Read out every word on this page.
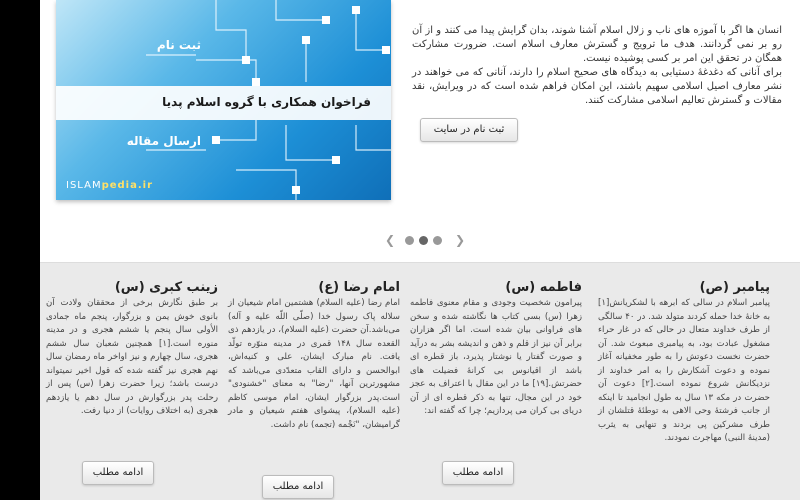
ثبت نام
فراخوان همکاری با گروه اسلام پدیا
ارسال مقاله
ISLAMpedia.ir

انسان ها اگر با آموزه های ناب و زلال اسلام آشنا شوند، بدان گرایش پیدا می کنند و از آن رو بر نمی گردانند. هدف ما ترویج و گسترش معارف اسلام است. ضرورت مشارکت همگان در تحقق این امر بر کسی پوشیده نیست.

برای آنانی که دغدغهٔ دستیابی به دیدگاه های صحیح اسلام را دارند، آنانی که می خواهند در نشر معارف اصیل اسلامی سهیم باشند، این امکان فراهم شده است که در ویرایش، نقد مقالات و گسترش تعالیم اسلامی مشارکت کنند.

ثبت نام در سایت
❮	❯
پیامبر (ص)
پیامبر اسلام در سالی که ابرهه با لشکریانش[۱] به خانهٔ خدا حمله کردند متولد شد. در ۴۰ سالگی از طرف خداوند متعال در حالی که در غار حراء مشغول عبادت بود، به پیامبری مبعوث شد. آن حضرت نخست دعوتش را به طور مخفیانه آغاز نموده و دعوت آشکارش را به امر خداوند از نزدیکانش شروع نموده است.[۲] دعوت آن حضرت در مکه ۱۳ سال به طول انجامید تا اینکه از جانب فرشتهٔ وحی الاهی به توطئهٔ قتلشان از طرف مشرکین پی بردند و تنهایی به یثرب (مدینهٔ النبی) مهاجرت نمودند.
فاطمه (س)
پیرامون شخصیت وجودی و مقام معنوی فاطمه زهرا (س) بسی کتاب ها نگاشته شده و سخن های فراوانی بیان شده است. اما اگر هزاران برابر آن نیز از قلم و ذهن و اندیشه بشر به درآید و صورت گفتار یا نوشتار پذیرد، باز قطره ای باشد از اقیانوس بی کرانهٔ فضیلت های حضرتش.[۱۹] ما در این مقال با اعتراف به عجز خود در این مجال، تنها به ذکر قطره ای از آن دریای بی کران می پردازیم؛ چرا که گفته اند:
ادامه مطلب
امام رضا (ع)
امام رضا (علیه السلام) هشتمین امام شیعیان از سلاله پاک رسول خدا (صلّی اللّه علیه و آله) می‌باشد.آن حضرت (علیه السلام)، در یازدهم ذی القعده سال ۱۴۸ قمری در مدینه منوّره تولّد یافت. نام مبارک ایشان، علی و کنیه‌اش، ابوالحسن و دارای القاب متعدّدی می‌باشد که مشهورترین آنها، "رضا" به معنای "خشنودی" است.پدر بزرگوار ایشان، امام موسی کاظم (علیه السلام)، پیشوای هفتم شیعیان و مادر گرامیشان، "نَجْمه (تجمه) نام داشت.
ادامه مطلب
زینب کبری (س)
بر طبق نگارش برخی از محققان ولادت آن بانوی خوش یمن و بزرگوار، پنجم ماه جمادی الأولی سال پنجم یا ششم هجری و در مدینه منوره است.[۱] همچنین شعبان سال ششم هجری، سال چهارم و نیز اواخر ماه رمضان سال نهم هجری نیز گفته شده که قول اخیر نمیتواند درست باشد؛ زیرا حضرت زهرا (س) پس از رحلت پدر بزرگوارش در سال دهم یا یازدهم هجری (به اختلاف روایات) از دنیا رفت.
ادامه مطلب
